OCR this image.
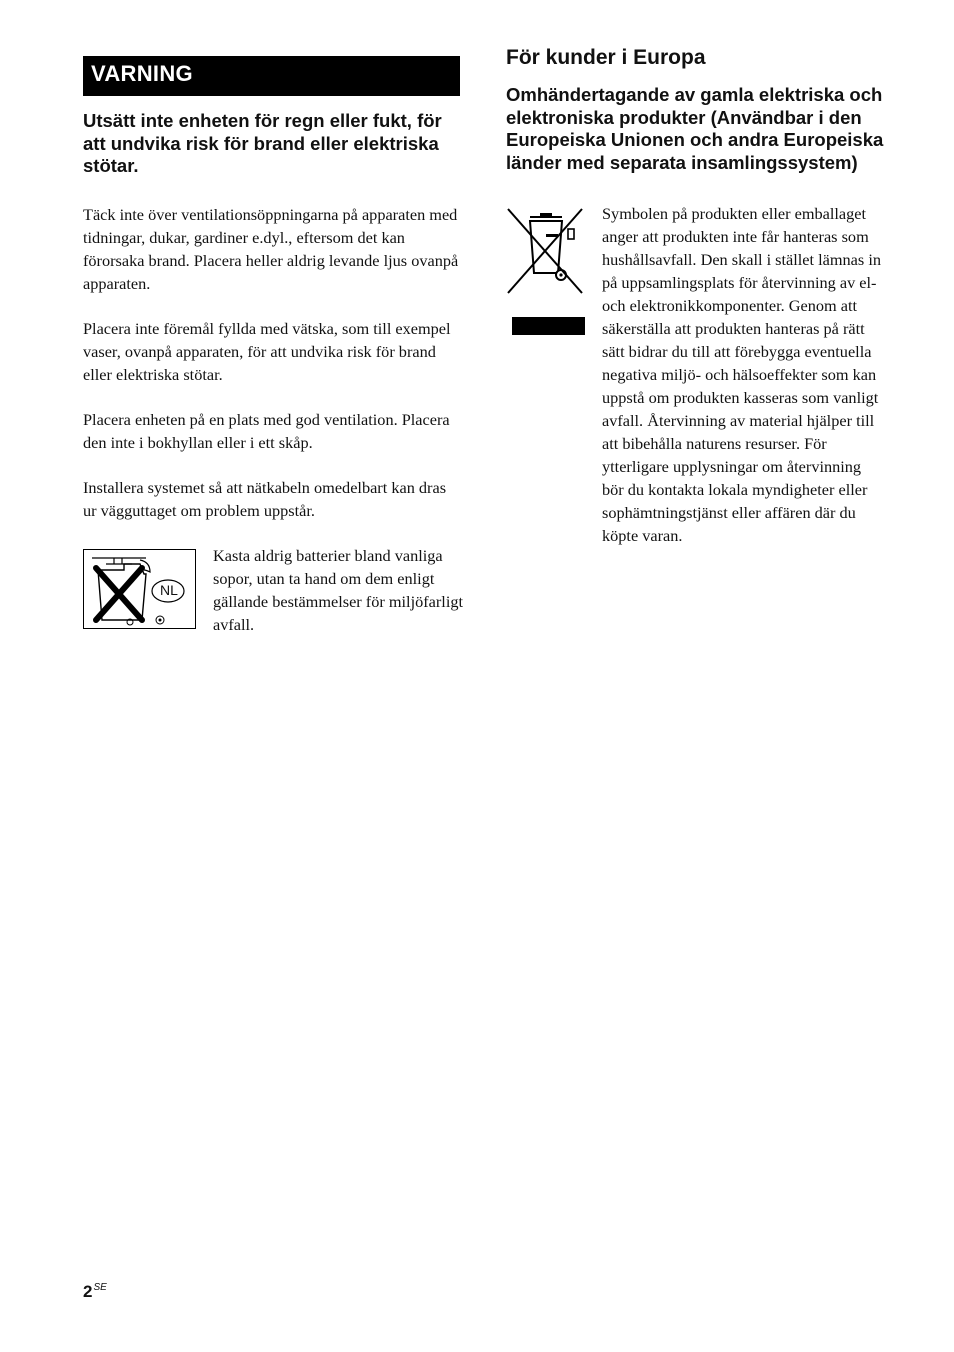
VARNING

Utsätt inte enheten för regn eller fukt, för att undvika risk för brand eller elektriska stötar.

Täck inte över ventilationsöppningarna på apparaten med tidningar, dukar, gardiner e.dyl., eftersom det kan förorsaka brand. Placera heller aldrig levande ljus ovanpå apparaten.

Placera inte föremål fyllda med vätska, som till exempel vaser, ovanpå apparaten, för att undvika risk för brand eller elektriska stötar.

Placera enheten på en plats med god ventilation. Placera den inte i bokhyllan eller i ett skåp.

Installera systemet så att nätkabeln omedelbart kan dras ur vägguttaget om problem uppstår.

NL

Kasta aldrig batterier bland vanliga sopor, utan ta hand om dem enligt gällande bestämmelser för miljöfarligt avfall.

För kunder i Europa

Omhändertagande av gamla elektriska och elektroniska produkter (Användbar i den Europeiska Unionen och andra Europeiska länder med separata insamlingssystem)

Symbolen på produkten eller emballaget anger att produkten inte får hanteras som hushållsavfall. Den skall i stället lämnas in på uppsamlingsplats för återvinning av el- och elektronikkomponenter. Genom att säkerställa att produkten hanteras på rätt sätt bidrar du till att förebygga eventuella negativa miljö- och hälsoeffekter som kan uppstå om produkten kasseras som vanligt avfall. Återvinning av material hjälper till att bibehålla naturens resurser. För ytterligare upplysningar om återvinning bör du kontakta lokala myndigheter eller sophämtningstjänst eller affären där du köpte varan.

$2^{SE}$
